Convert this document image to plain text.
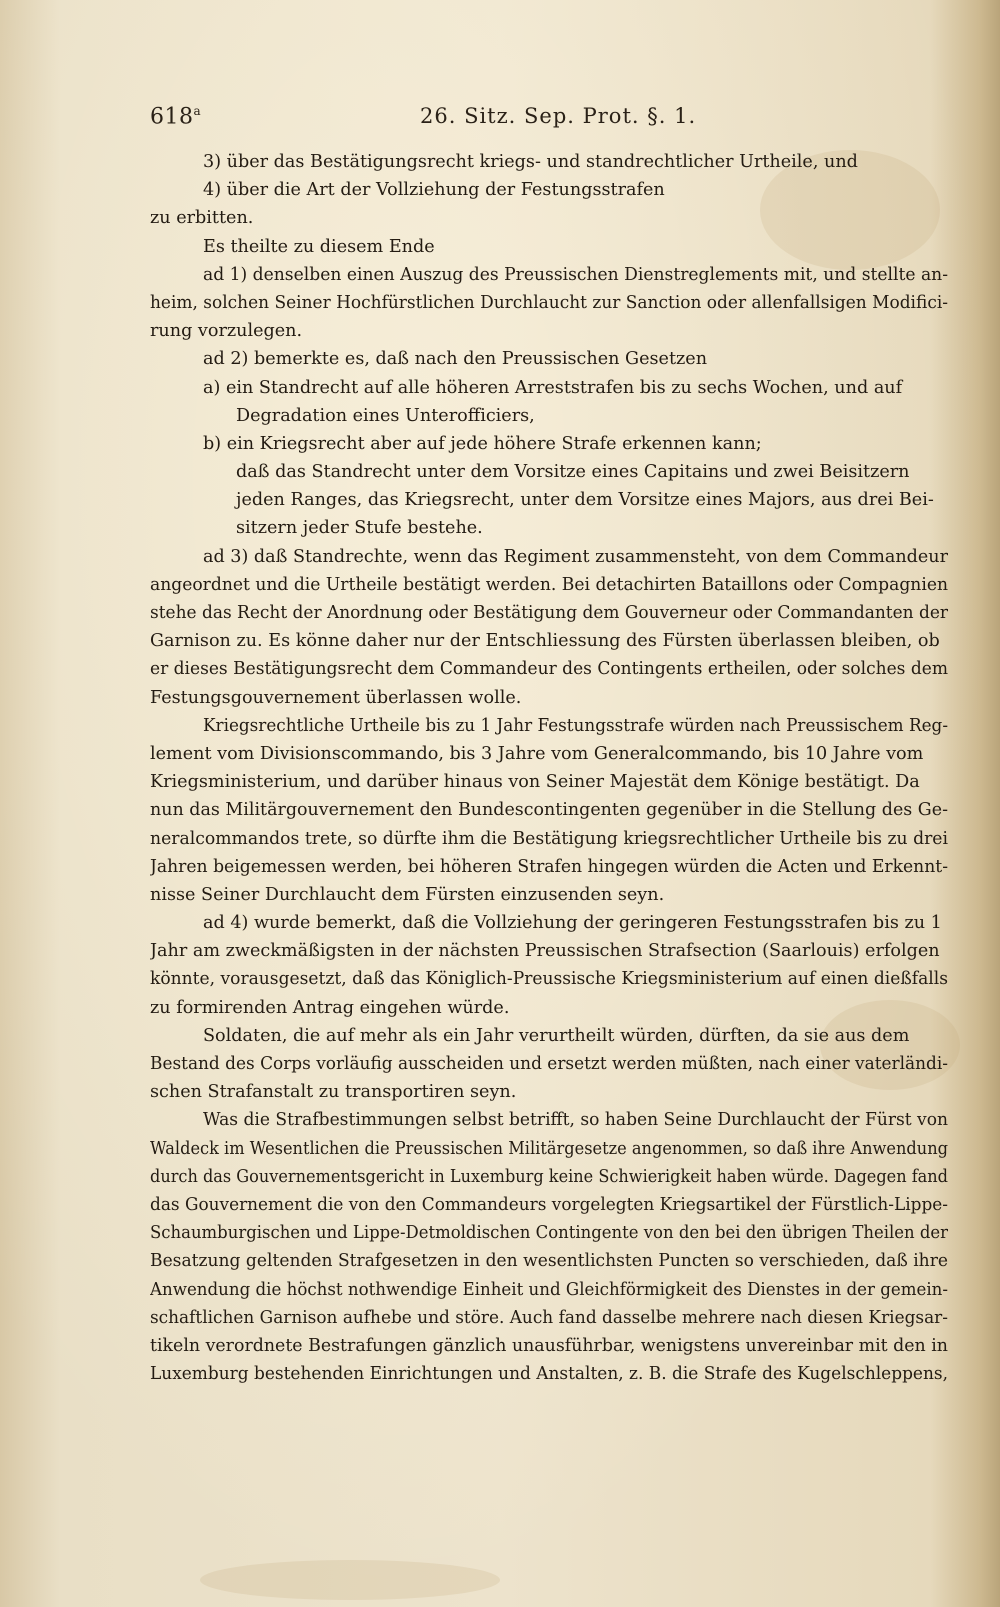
618$^a$	26. Sitz. Sep. Prot. §. 1.
3) über das Bestätigungsrecht kriegs- und standrechtlicher Urtheile, und
4) über die Art der Vollziehung der Festungsstrafen
zu erbitten.
Es theilte zu diesem Ende
ad 1) denselben einen Auszug des Preussischen Dienstreglements mit, und stellte an-
heim, solchen Seiner Hochfürstlichen Durchlaucht zur Sanction oder allenfallsigen Modifici-
rung vorzulegen.
ad 2) bemerkte es, daß nach den Preussischen Gesetzen
a) ein Standrecht auf alle höheren Arreststrafen bis zu sechs Wochen, und auf
Degradation eines Unterofficiers,
b) ein Kriegsrecht aber auf jede höhere Strafe erkennen kann;
daß das Standrecht unter dem Vorsitze eines Capitains und zwei Beisitzern
jeden Ranges, das Kriegsrecht, unter dem Vorsitze eines Majors, aus drei Bei-
sitzern jeder Stufe bestehe.
ad 3) daß Standrechte, wenn das Regiment zusammensteht, von dem Commandeur
angeordnet und die Urtheile bestätigt werden. Bei detachirten Bataillons oder Compagnien
stehe das Recht der Anordnung oder Bestätigung dem Gouverneur oder Commandanten der
Garnison zu. Es könne daher nur der Entschliessung des Fürsten überlassen bleiben, ob
er dieses Bestätigungsrecht dem Commandeur des Contingents ertheilen, oder solches dem
Festungsgouvernement überlassen wolle.
Kriegsrechtliche Urtheile bis zu 1 Jahr Festungsstrafe würden nach Preussischem Reg-
lement vom Divisionscommando, bis 3 Jahre vom Generalcommando, bis 10 Jahre vom
Kriegsministerium, und darüber hinaus von Seiner Majestät dem Könige bestätigt. Da
nun das Militärgouvernement den Bundescontingenten gegenüber in die Stellung des Ge-
neralcommandos trete, so dürfte ihm die Bestätigung kriegsrechtlicher Urtheile bis zu drei
Jahren beigemessen werden, bei höheren Strafen hingegen würden die Acten und Erkennt-
nisse Seiner Durchlaucht dem Fürsten einzusenden seyn.
ad 4) wurde bemerkt, daß die Vollziehung der geringeren Festungsstrafen bis zu 1
Jahr am zweckmäßigsten in der nächsten Preussischen Strafsection (Saarlouis) erfolgen
könnte, vorausgesetzt, daß das Königlich-Preussische Kriegsministerium auf einen dießfalls
zu formirenden Antrag eingehen würde.
Soldaten, die auf mehr als ein Jahr verurtheilt würden, dürften, da sie aus dem
Bestand des Corps vorläufig ausscheiden und ersetzt werden müßten, nach einer vaterländi-
schen Strafanstalt zu transportiren seyn.
Was die Strafbestimmungen selbst betrifft, so haben Seine Durchlaucht der Fürst von
Waldeck im Wesentlichen die Preussischen Militärgesetze angenommen, so daß ihre Anwendung
durch das Gouvernementsgericht in Luxemburg keine Schwierigkeit haben würde. Dagegen fand
das Gouvernement die von den Commandeurs vorgelegten Kriegsartikel der Fürstlich-Lippe-
Schaumburgischen und Lippe-Detmoldischen Contingente von den bei den übrigen Theilen der
Besatzung geltenden Strafgesetzen in den wesentlichsten Puncten so verschieden, daß ihre
Anwendung die höchst nothwendige Einheit und Gleichförmigkeit des Dienstes in der gemein-
schaftlichen Garnison aufhebe und störe. Auch fand dasselbe mehrere nach diesen Kriegsar-
tikeln verordnete Bestrafungen gänzlich unausführbar, wenigstens unvereinbar mit den in
Luxemburg bestehenden Einrichtungen und Anstalten, z. B. die Strafe des Kugelschleppens,
